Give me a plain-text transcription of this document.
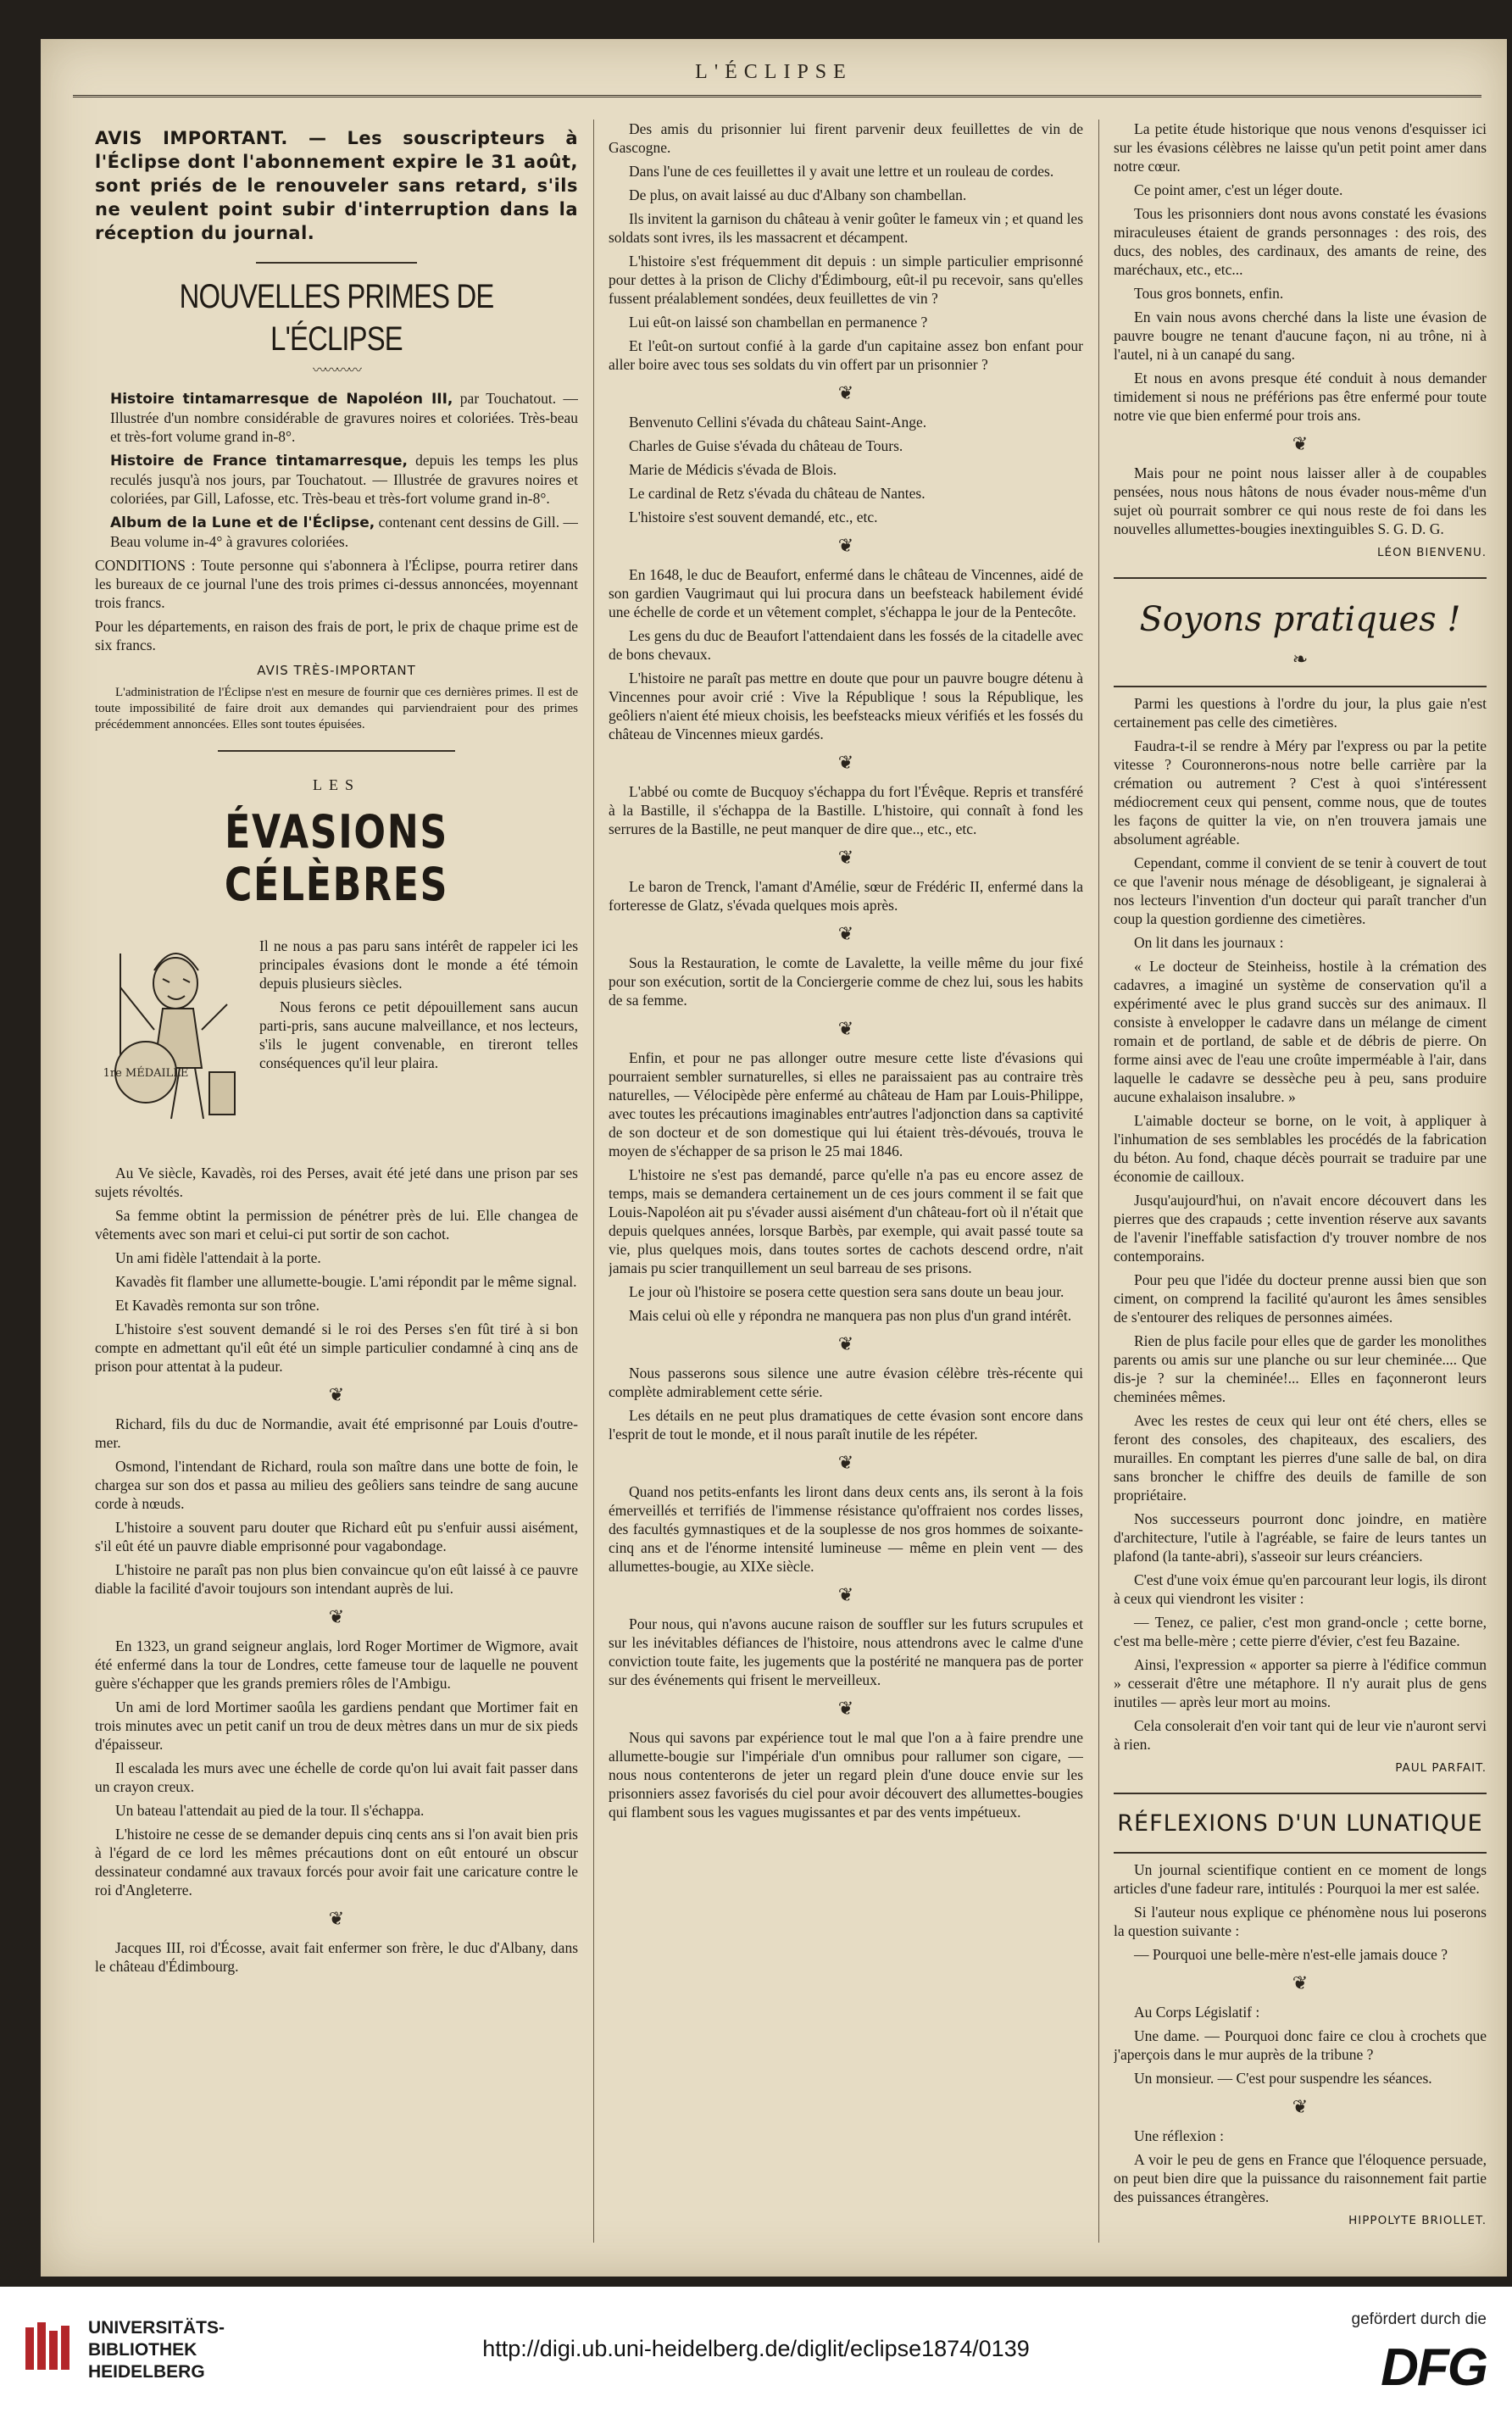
L'ÉCLIPSE
AVIS IMPORTANT. — Les souscripteurs à l'Éclipse dont l'abonnement expire le 31 août, sont priés de le renouveler sans retard, s'ils ne veulent point subir d'interruption dans la réception du journal.
NOUVELLES PRIMES DE L'ÉCLIPSE
〰〰〰〰

Histoire tintamarresque de Napoléon III, par Touchatout. — Illustrée d'un nombre considérable de gravures noires et coloriées. Très-beau et très-fort volume grand in-8°.

Histoire de France tintamarresque, depuis les temps les plus reculés jusqu'à nos jours, par Touchatout. — Illustrée de gravures noires et coloriées, par Gill, Lafosse, etc. Très-beau et très-fort volume grand in-8°.

Album de la Lune et de l'Éclipse, contenant cent dessins de Gill. — Beau volume in-4° à gravures coloriées.

CONDITIONS : Toute personne qui s'abonnera à l'Éclipse, pourra retirer dans les bureaux de ce journal l'une des trois primes ci-dessus annoncées, moyennant trois francs.

Pour les départements, en raison des frais de port, le prix de chaque prime est de six francs.

AVIS TRÈS-IMPORTANT

L'administration de l'Éclipse n'est en mesure de fournir que ces dernières primes. Il est de toute impossibilité de faire droit aux demandes qui parviendraient pour des primes précédemment annoncées. Elles sont toutes épuisées.

LES
ÉVASIONS CÉLÈBRES
1re MÉDAILLE

Il ne nous a pas paru sans intérêt de rappeler ici les principales évasions dont le monde a été témoin depuis plusieurs siècles.

Nous ferons ce petit dépouillement sans aucun parti-pris, sans aucune malveillance, et nos lecteurs, s'ils le jugent convenable, en tireront telles conséquences qu'il leur plaira.

Au Ve siècle, Kavadès, roi des Perses, avait été jeté dans une prison par ses sujets révoltés.

Sa femme obtint la permission de pénétrer près de lui. Elle changea de vêtements avec son mari et celui-ci put sortir de son cachot.

Un ami fidèle l'attendait à la porte.

Kavadès fit flamber une allumette-bougie. L'ami répondit par le même signal.

Et Kavadès remonta sur son trône.

L'histoire s'est souvent demandé si le roi des Perses s'en fût tiré à si bon compte en admettant qu'il eût été un simple particulier condamné à cinq ans de prison pour attentat à la pudeur.

❦

Richard, fils du duc de Normandie, avait été emprisonné par Louis d'outre-mer.

Osmond, l'intendant de Richard, roula son maître dans une botte de foin, le chargea sur son dos et passa au milieu des geôliers sans teindre de sang aucune corde à nœuds.

L'histoire a souvent paru douter que Richard eût pu s'enfuir aussi aisément, s'il eût été un pauvre diable emprisonné pour vagabondage.

L'histoire ne paraît pas non plus bien convaincue qu'on eût laissé à ce pauvre diable la facilité d'avoir toujours son intendant auprès de lui.

❦

En 1323, un grand seigneur anglais, lord Roger Mortimer de Wigmore, avait été enfermé dans la tour de Londres, cette fameuse tour de laquelle ne pouvent guère s'échapper que les grands premiers rôles de l'Ambigu.

Un ami de lord Mortimer saoûla les gardiens pendant que Mortimer fait en trois minutes avec un petit canif un trou de deux mètres dans un mur de six pieds d'épaisseur.

Il escalada les murs avec une échelle de corde qu'on lui avait fait passer dans un crayon creux.

Un bateau l'attendait au pied de la tour. Il s'échappa.

L'histoire ne cesse de se demander depuis cinq cents ans si l'on avait bien pris à l'égard de ce lord les mêmes précautions dont on eût entouré un obscur dessinateur condamné aux travaux forcés pour avoir fait une caricature contre le roi d'Angleterre.

❦

Jacques III, roi d'Écosse, avait fait enfermer son frère, le duc d'Albany, dans le château d'Édimbourg.

Des amis du prisonnier lui firent parvenir deux feuillettes de vin de Gascogne.

Dans l'une de ces feuillettes il y avait une lettre et un rouleau de cordes.

De plus, on avait laissé au duc d'Albany son chambellan.

Ils invitent la garnison du château à venir goûter le fameux vin ; et quand les soldats sont ivres, ils les massacrent et décampent.

L'histoire s'est fréquemment dit depuis : un simple particulier emprisonné pour dettes à la prison de Clichy d'Édimbourg, eût-il pu recevoir, sans qu'elles fussent préalablement sondées, deux feuillettes de vin ?

Lui eût-on laissé son chambellan en permanence ?

Et l'eût-on surtout confié à la garde d'un capitaine assez bon enfant pour aller boire avec tous ses soldats du vin offert par un prisonnier ?

❦

Benvenuto Cellini s'évada du château Saint-Ange.

Charles de Guise s'évada du château de Tours.

Marie de Médicis s'évada de Blois.

Le cardinal de Retz s'évada du château de Nantes.

L'histoire s'est souvent demandé, etc., etc.

❦

En 1648, le duc de Beaufort, enfermé dans le château de Vincennes, aidé de son gardien Vaugrimaut qui lui procura dans un beefsteack habilement évidé une échelle de corde et un vêtement complet, s'échappa le jour de la Pentecôte.

Les gens du duc de Beaufort l'attendaient dans les fossés de la citadelle avec de bons chevaux.

L'histoire ne paraît pas mettre en doute que pour un pauvre bougre détenu à Vincennes pour avoir crié : Vive la République ! sous la République, les geôliers n'aient été mieux choisis, les beefsteacks mieux vérifiés et les fossés du château de Vincennes mieux gardés.

❦

L'abbé ou comte de Bucquoy s'échappa du fort l'Évêque. Repris et transféré à la Bastille, il s'échappa de la Bastille. L'histoire, qui connaît à fond les serrures de la Bastille, ne peut manquer de dire que.., etc., etc.

❦

Le baron de Trenck, l'amant d'Amélie, sœur de Frédéric II, enfermé dans la forteresse de Glatz, s'évada quelques mois après.

❦

Sous la Restauration, le comte de Lavalette, la veille même du jour fixé pour son exécution, sortit de la Conciergerie comme de chez lui, sous les habits de sa femme.

❦

Enfin, et pour ne pas allonger outre mesure cette liste d'évasions qui pourraient sembler surnaturelles, si elles ne paraissaient pas au contraire très naturelles, — Vélocipède père enfermé au château de Ham par Louis-Philippe, avec toutes les précautions imaginables entr'autres l'adjonction dans sa captivité de son docteur et de son domestique qui lui étaient très-dévoués, trouva le moyen de s'échapper de sa prison le 25 mai 1846.

L'histoire ne s'est pas demandé, parce qu'elle n'a pas eu encore assez de temps, mais se demandera certainement un de ces jours comment il se fait que Louis-Napoléon ait pu s'évader aussi aisément d'un château-fort où il n'était que depuis quelques années, lorsque Barbès, par exemple, qui avait passé toute sa vie, plus quelques mois, dans toutes sortes de cachots descend ordre, n'ait jamais pu scier tranquillement un seul barreau de ses prisons.

Le jour où l'histoire se posera cette question sera sans doute un beau jour.

Mais celui où elle y répondra ne manquera pas non plus d'un grand intérêt.

❦

Nous passerons sous silence une autre évasion célèbre très-récente qui complète admirablement cette série.

Les détails en ne peut plus dramatiques de cette évasion sont encore dans l'esprit de tout le monde, et il nous paraît inutile de les répéter.

❦

Quand nos petits-enfants les liront dans deux cents ans, ils seront à la fois émerveillés et terrifiés de l'immense résistance qu'offraient nos cordes lisses, des facultés gymnastiques et de la souplesse de nos gros hommes de soixante-cinq ans et de l'énorme intensité lumineuse — même en plein vent — des allumettes-bougie, au XIXe siècle.

❦

Pour nous, qui n'avons aucune raison de souffler sur les futurs scrupules et sur les inévitables défiances de l'histoire, nous attendrons avec le calme d'une conviction toute faite, les jugements que la postérité ne manquera pas de porter sur des événements qui frisent le merveilleux.

❦

Nous qui savons par expérience tout le mal que l'on a à faire prendre une allumette-bougie sur l'impériale d'un omnibus pour rallumer son cigare, — nous nous contenterons de jeter un regard plein d'une douce envie sur les prisonniers assez favorisés du ciel pour avoir découvert des allumettes-bougies qui flambent sous les vagues mugissantes et par des vents impétueux.

La petite étude historique que nous venons d'esquisser ici sur les évasions célèbres ne laisse qu'un petit point amer dans notre cœur.

Ce point amer, c'est un léger doute.

Tous les prisonniers dont nous avons constaté les évasions miraculeuses étaient de grands personnages : des rois, des ducs, des nobles, des cardinaux, des amants de reine, des maréchaux, etc., etc...

Tous gros bonnets, enfin.

En vain nous avons cherché dans la liste une évasion de pauvre bougre ne tenant d'aucune façon, ni au trône, ni à l'autel, ni à un canapé du sang.

Et nous en avons presque été conduit à nous demander timidement si nous ne préférions pas être enfermé pour toute notre vie que bien enfermé pour trois ans.

❦

Mais pour ne point nous laisser aller à de coupables pensées, nous nous hâtons de nous évader nous-même d'un sujet où pourrait sombrer ce qui nous reste de foi dans les nouvelles allumettes-bougies inextinguibles S. G. D. G.

LÉON BIENVENU.

Soyons pratiques !
❧

Parmi les questions à l'ordre du jour, la plus gaie n'est certainement pas celle des cimetières.

Faudra-t-il se rendre à Méry par l'express ou par la petite vitesse ? Couronnerons-nous notre belle carrière par la crémation ou autrement ? C'est à quoi s'intéressent médiocrement ceux qui pensent, comme nous, que de toutes les façons de quitter la vie, on n'en trouvera jamais une absolument agréable.

Cependant, comme il convient de se tenir à couvert de tout ce que l'avenir nous ménage de désobligeant, je signalerai à nos lecteurs l'invention d'un docteur qui paraît trancher d'un coup la question gordienne des cimetières.

On lit dans les journaux :

« Le docteur de Steinheiss, hostile à la crémation des cadavres, a imaginé un système de conservation qu'il a expérimenté avec le plus grand succès sur des animaux. Il consiste à envelopper le cadavre dans un mélange de ciment romain et de portland, de sable et de débris de pierre. On forme ainsi avec de l'eau une croûte imperméable à l'air, dans laquelle le cadavre se dessèche peu à peu, sans produire aucune exhalaison insalubre. »

L'aimable docteur se borne, on le voit, à appliquer à l'inhumation de ses semblables les procédés de la fabrication du béton. Au fond, chaque décès pourrait se traduire par une économie de cailloux.

Jusqu'aujourd'hui, on n'avait encore découvert dans les pierres que des crapauds ; cette invention réserve aux savants de l'avenir l'ineffable satisfaction d'y trouver nombre de nos contemporains.

Pour peu que l'idée du docteur prenne aussi bien que son ciment, on comprend la facilité qu'auront les âmes sensibles de s'entourer des reliques de personnes aimées.

Rien de plus facile pour elles que de garder les monolithes parents ou amis sur une planche ou sur leur cheminée.... Que dis-je ? sur la cheminée!... Elles en façonneront leurs cheminées mêmes.

Avec les restes de ceux qui leur ont été chers, elles se feront des consoles, des chapiteaux, des escaliers, des murailles. En comptant les pierres d'une salle de bal, on dira sans broncher le chiffre des deuils de famille de son propriétaire.

Nos successeurs pourront donc joindre, en matière d'architecture, l'utile à l'agréable, se faire de leurs tantes un plafond (la tante-abri), s'asseoir sur leurs créanciers.

C'est d'une voix émue qu'en parcourant leur logis, ils diront à ceux qui viendront les visiter :

— Tenez, ce palier, c'est mon grand-oncle ; cette borne, c'est ma belle-mère ; cette pierre d'évier, c'est feu Bazaine.

Ainsi, l'expression « apporter sa pierre à l'édifice commun » cesserait d'être une métaphore. Il n'y aurait plus de gens inutiles — après leur mort au moins.

Cela consolerait d'en voir tant qui de leur vie n'auront servi à rien.

PAUL PARFAIT.

RÉFLEXIONS D'UN LUNATIQUE

Un journal scientifique contient en ce moment de longs articles d'une fadeur rare, intitulés : Pourquoi la mer est salée.

Si l'auteur nous explique ce phénomène nous lui poserons la question suivante :

— Pourquoi une belle-mère n'est-elle jamais douce ?

❦

Au Corps Législatif :

Une dame. — Pourquoi donc faire ce clou à crochets que j'aperçois dans le mur auprès de la tribune ?

Un monsieur. — C'est pour suspendre les séances.

❦

Une réflexion :

A voir le peu de gens en France que l'éloquence persuade, on peut bien dire que la puissance du raisonnement fait partie des puissances étrangères.

HIPPOLYTE BRIOLLET.

UNIVERSITÄTS-
BIBLIOTHEK
HEIDELBERG
http://digi.ub.uni-heidelberg.de/diglit/eclipse1874/0139
gefördert durch die
DFG
